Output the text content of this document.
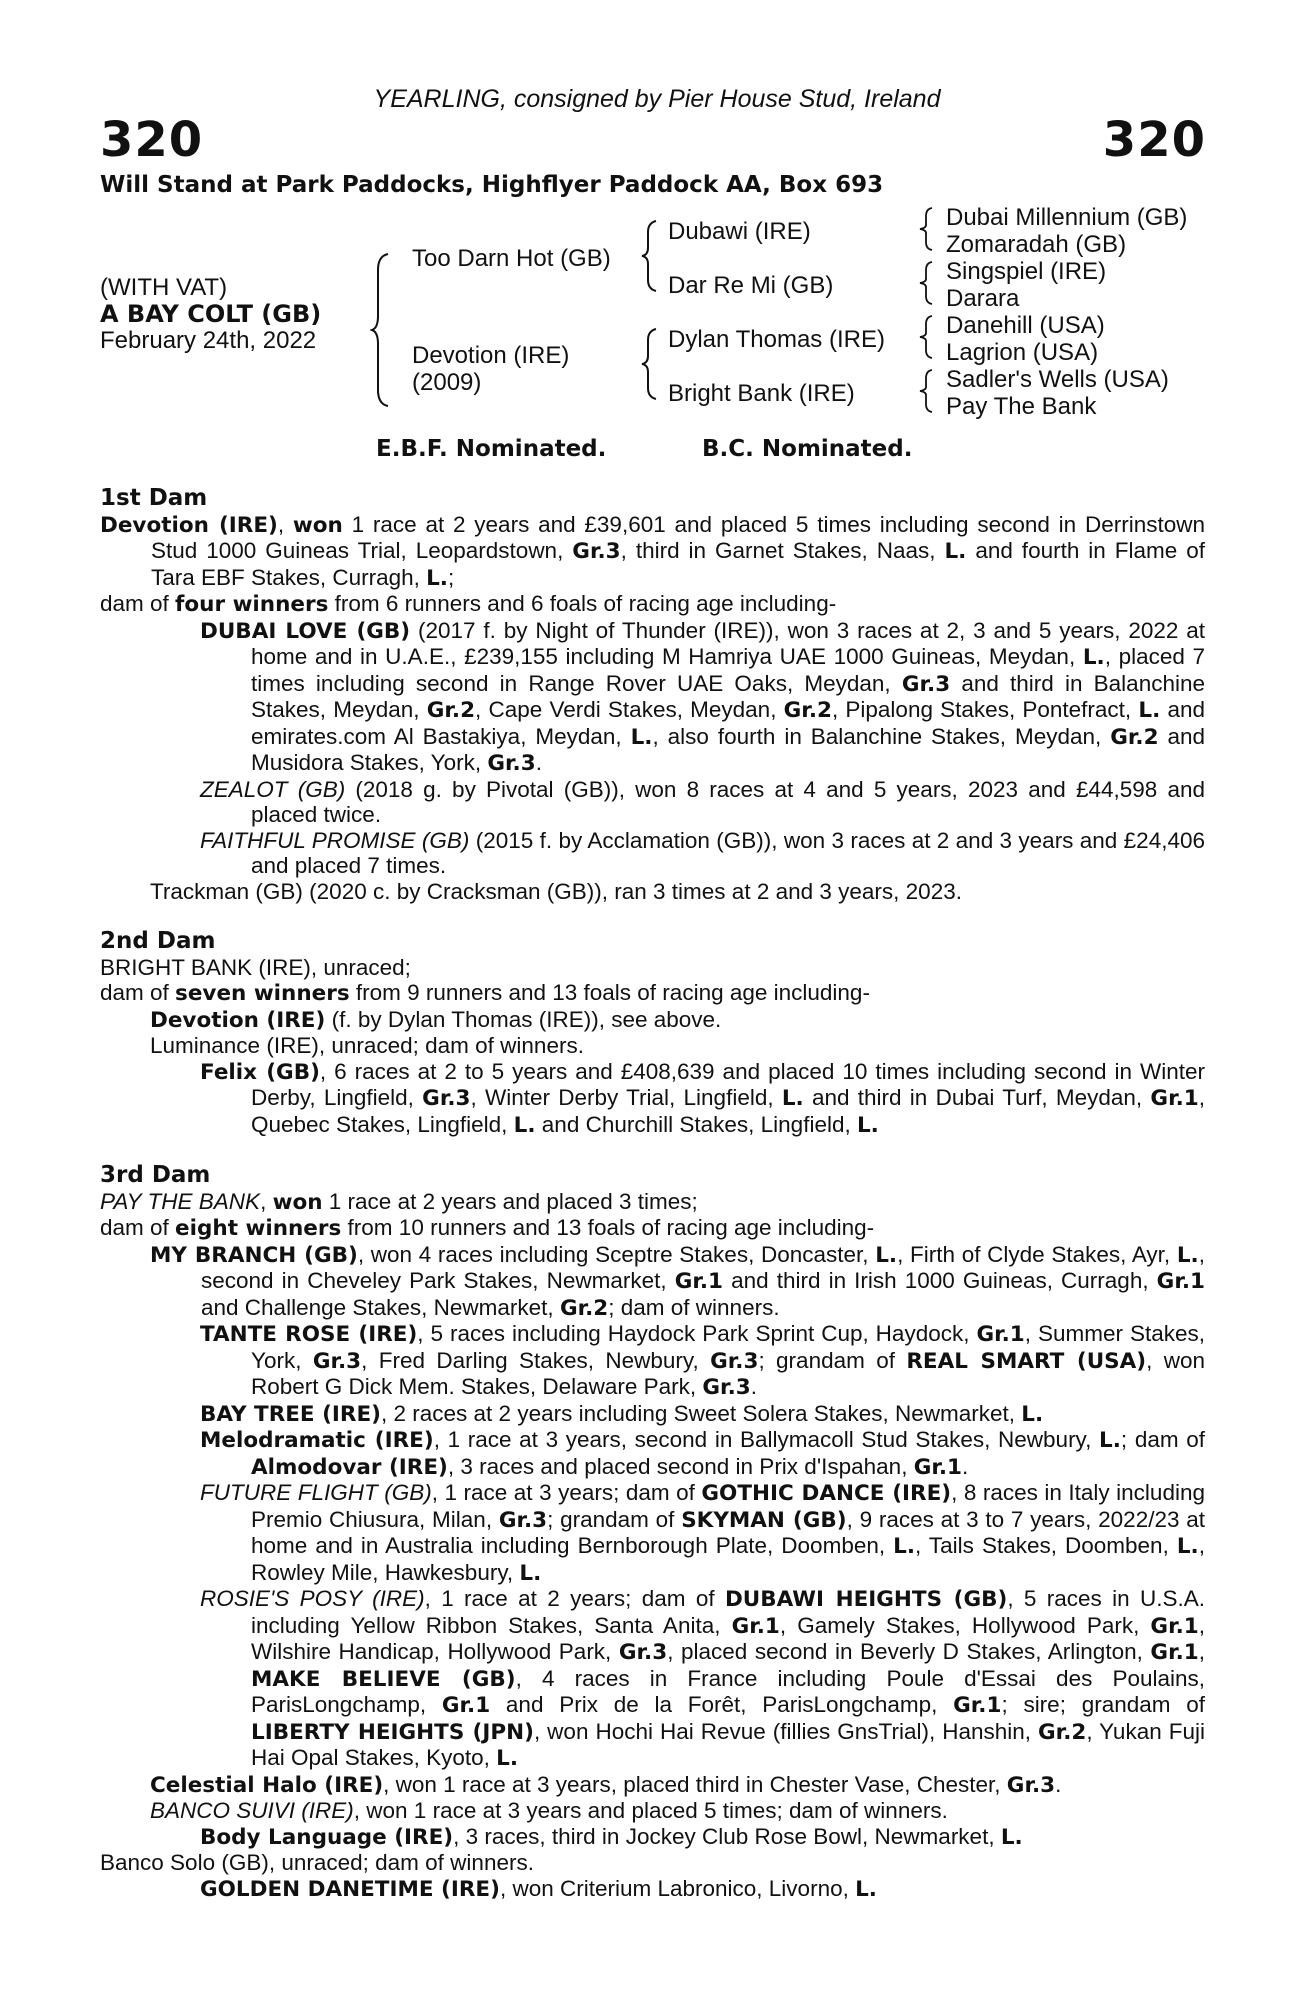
YEARLING, consigned by Pier House Stud, Ireland
320	320
Will Stand at Park Paddocks, Highflyer Paddock AA, Box 693
(WITH VAT)
A BAY COLT (GB)
February 24th, 2022
Too Darn Hot (GB)
Devotion (IRE)
(2009)
Dubawi (IRE)
Dar Re Mi (GB)
Dylan Thomas (IRE)
Bright Bank (IRE)
Dubai Millennium (GB)
Zomaradah (GB)
Singspiel (IRE)
Darara
Danehill (USA)
Lagrion (USA)
Sadler's Wells (USA)
Pay The Bank
E.B.F. Nominated.	B.C. Nominated.
1st Dam

Devotion (IRE), won 1 race at 2 years and £39,601 and placed 5 times including second in Derrinstown Stud 1000 Guineas Trial, Leopardstown, Gr.3, third in Garnet Stakes, Naas, L. and fourth in Flame of Tara EBF Stakes, Curragh, L.;

dam of four winners from 6 runners and 6 foals of racing age including-

DUBAI LOVE (GB) (2017 f. by Night of Thunder (IRE)), won 3 races at 2, 3 and 5 years, 2022 at home and in U.A.E., £239,155 including M Hamriya UAE 1000 Guineas, Meydan, L., placed 7 times including second in Range Rover UAE Oaks, Meydan, Gr.3 and third in Balanchine Stakes, Meydan, Gr.2, Cape Verdi Stakes, Meydan, Gr.2, Pipalong Stakes, Pontefract, L. and emirates.com Al Bastakiya, Meydan, L., also fourth in Balanchine Stakes, Meydan, Gr.2 and Musidora Stakes, York, Gr.3.

ZEALOT (GB) (2018 g. by Pivotal (GB)), won 8 races at 4 and 5 years, 2023 and £44,598 and placed twice.

FAITHFUL PROMISE (GB) (2015 f. by Acclamation (GB)), won 3 races at 2 and 3 years and £24,406 and placed 7 times.

Trackman (GB) (2020 c. by Cracksman (GB)), ran 3 times at 2 and 3 years, 2023.

2nd Dam

BRIGHT BANK (IRE), unraced;

dam of seven winners from 9 runners and 13 foals of racing age including-

Devotion (IRE) (f. by Dylan Thomas (IRE)), see above.

Luminance (IRE), unraced; dam of winners.

Felix (GB), 6 races at 2 to 5 years and £408,639 and placed 10 times including second in Winter Derby, Lingfield, Gr.3, Winter Derby Trial, Lingfield, L. and third in Dubai Turf, Meydan, Gr.1, Quebec Stakes, Lingfield, L. and Churchill Stakes, Lingfield, L.

3rd Dam

PAY THE BANK, won 1 race at 2 years and placed 3 times;

dam of eight winners from 10 runners and 13 foals of racing age including-

MY BRANCH (GB), won 4 races including Sceptre Stakes, Doncaster, L., Firth of Clyde Stakes, Ayr, L., second in Cheveley Park Stakes, Newmarket, Gr.1 and third in Irish 1000 Guineas, Curragh, Gr.1 and Challenge Stakes, Newmarket, Gr.2; dam of winners.

TANTE ROSE (IRE), 5 races including Haydock Park Sprint Cup, Haydock, Gr.1, Summer Stakes, York, Gr.3, Fred Darling Stakes, Newbury, Gr.3; grandam of REAL SMART (USA), won Robert G Dick Mem. Stakes, Delaware Park, Gr.3.

BAY TREE (IRE), 2 races at 2 years including Sweet Solera Stakes, Newmarket, L.

Melodramatic (IRE), 1 race at 3 years, second in Ballymacoll Stud Stakes, Newbury, L.; dam of Almodovar (IRE), 3 races and placed second in Prix d'Ispahan, Gr.1.

FUTURE FLIGHT (GB), 1 race at 3 years; dam of GOTHIC DANCE (IRE), 8 races in Italy including Premio Chiusura, Milan, Gr.3; grandam of SKYMAN (GB), 9 races at 3 to 7 years, 2022/23 at home and in Australia including Bernborough Plate, Doomben, L., Tails Stakes, Doomben, L., Rowley Mile, Hawkesbury, L.

ROSIE'S POSY (IRE), 1 race at 2 years; dam of DUBAWI HEIGHTS (GB), 5 races in U.S.A. including Yellow Ribbon Stakes, Santa Anita, Gr.1, Gamely Stakes, Hollywood Park, Gr.1, Wilshire Handicap, Hollywood Park, Gr.3, placed second in Beverly D Stakes, Arlington, Gr.1, MAKE BELIEVE (GB), 4 races in France including Poule d'Essai des Poulains, ParisLongchamp, Gr.1 and Prix de la Forêt, ParisLongchamp, Gr.1; sire; grandam of LIBERTY HEIGHTS (JPN), won Hochi Hai Revue (fillies GnsTrial), Hanshin, Gr.2, Yukan Fuji Hai Opal Stakes, Kyoto, L.

Celestial Halo (IRE), won 1 race at 3 years, placed third in Chester Vase, Chester, Gr.3.

BANCO SUIVI (IRE), won 1 race at 3 years and placed 5 times; dam of winners.

Body Language (IRE), 3 races, third in Jockey Club Rose Bowl, Newmarket, L.

Banco Solo (GB), unraced; dam of winners.

GOLDEN DANETIME (IRE), won Criterium Labronico, Livorno, L.
